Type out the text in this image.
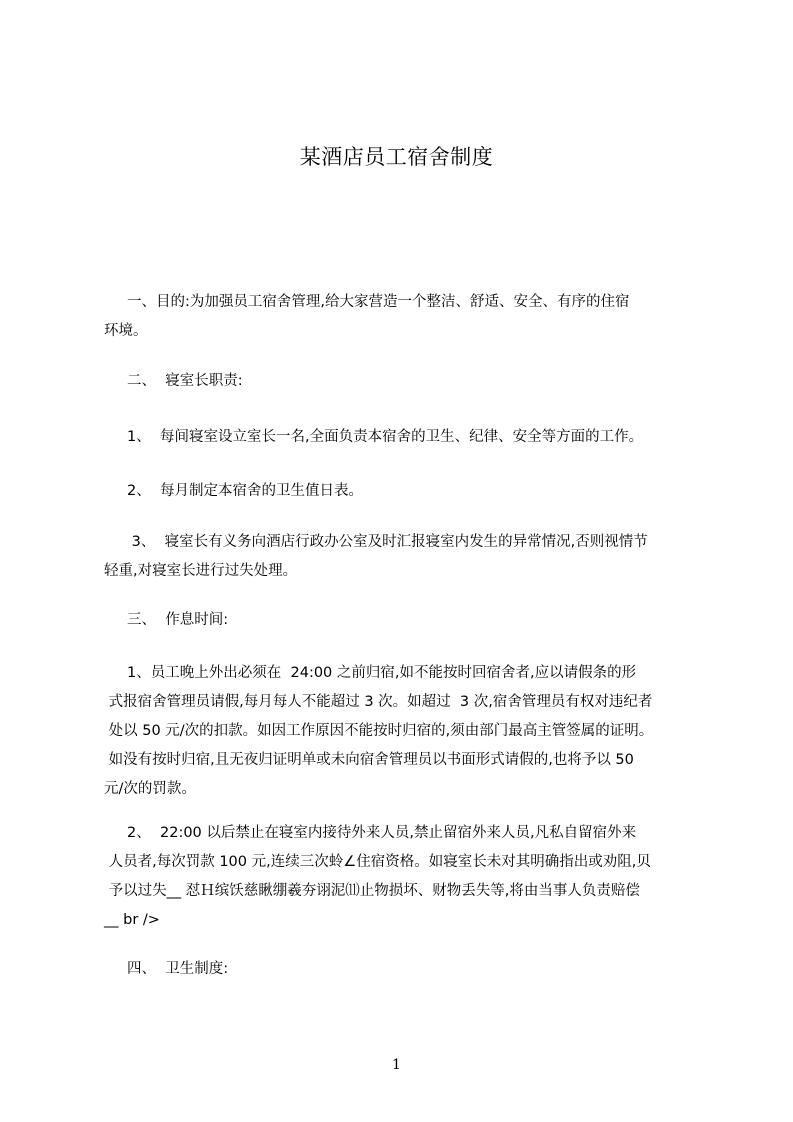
某酒店员工宿舍制度
一、目的:为加强员工宿舍管理,给大家营造一个整洁、舒适、安全、有序的住宿
环境。
二、  寝室长职责:
1、  每间寝室设立室长一名,全面负责本宿舍的卫生、纪律、安全等方面的工作。
2、  每月制定本宿舍的卫生值日表。
3、  寝室长有义务向酒店行政办公室及时汇报寝室内发生的异常情况,否则视情节
轻重,对寝室长进行过失处理。
三、  作息时间:
1、员工晚上外出必须在  24:00 之前归宿,如不能按时回宿舍者,应以请假条的形
式报宿舍管理员请假,每月每人不能超过 3 次。如超过  3 次,宿舍管理员有权对违纪者
处以 50 元/次的扣款。如因工作原因不能按时归宿的,须由部门最高主管签属的证明。
如没有按时归宿,且无夜归证明单或未向宿舍管理员以书面形式请假的,也将予以 50
元/次的罚款。
2、  22:00 以后禁止在寝室内接待外来人员,禁止留宿外来人员,凡私自留宿外来
人员者,每次罚款 100 元,连续三次蛉∠住宿资格。如寝室长未对其明确指出或劝阻,贝
予以过失__ 怼Ｈ缤饫慈瞅绷羲夯诩泥⑾止物损坏、财物丢失等,将由当事人负责赔偿
__ br />
四、  卫生制度:
1
